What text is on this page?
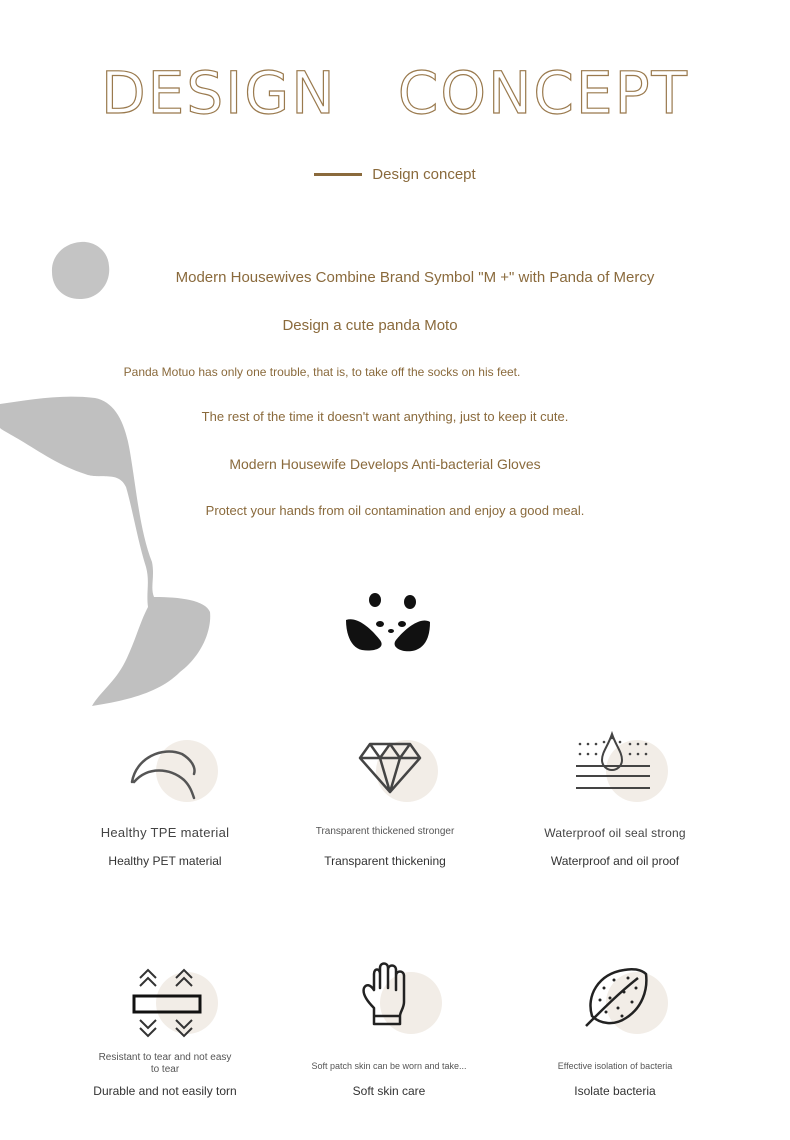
DESIGN CONCEPT
Design concept
Modern Housewives Combine Brand Symbol "M +" with Panda of Mercy
Design a cute panda Moto
Panda Motuo has only one trouble, that is, to take off the socks on his feet.
The rest of the time it doesn't want anything, just to keep it cute.
Modern Housewife Develops Anti-bacterial Gloves
Protect your hands from oil contamination and enjoy a good meal.
Healthy TPE material
Healthy PET material
Transparent thickened stronger
Transparent thickening
Waterproof oil seal strong
Waterproof and oil proof
Resistant to tear and not easy to tear
Durable and not easily torn
Soft patch skin can be worn and take...
Soft skin care
Effective isolation of bacteria
Isolate bacteria
